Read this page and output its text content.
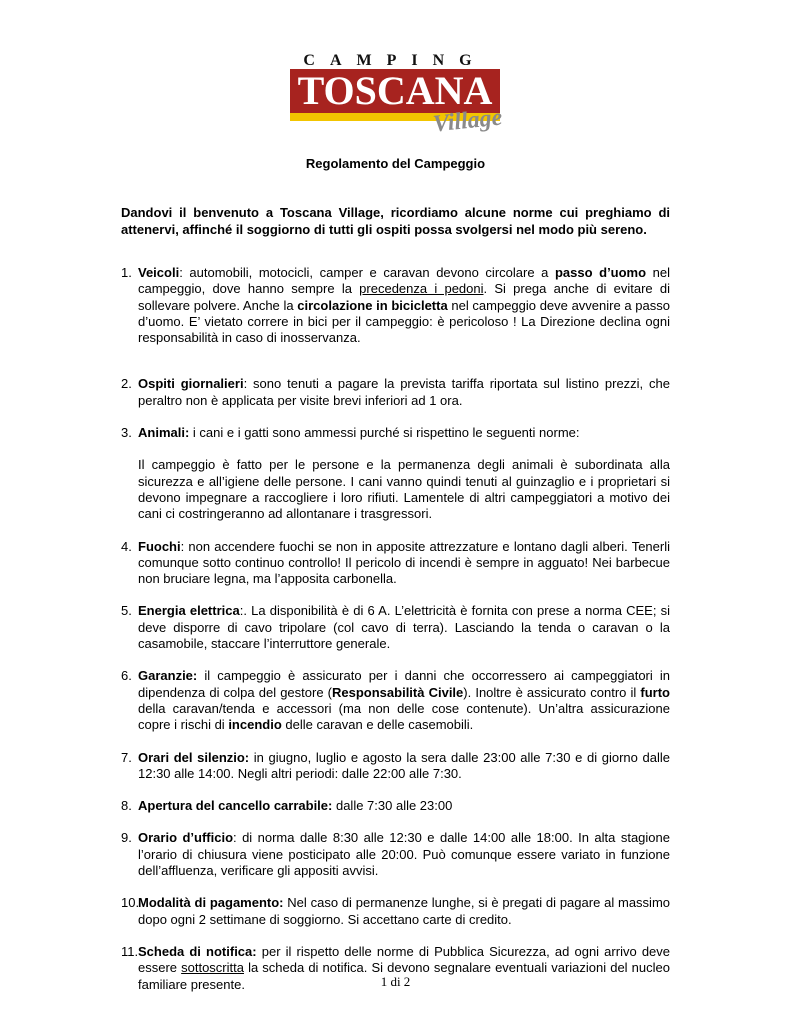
CAMPING
TOSCANA
Village
Regolamento del Campeggio
Dandovi il benvenuto a Toscana Village, ricordiamo alcune norme cui preghiamo di attenervi, affinché il soggiorno di tutti gli ospiti possa svolgersi nel modo più sereno.
1. Veicoli: automobili, motocicli, camper e caravan devono circolare a passo d’uomo nel campeggio, dove hanno sempre la precedenza i pedoni. Si prega anche di evitare di sollevare polvere. Anche la circolazione in bicicletta nel campeggio deve avvenire a passo d’uomo. E’ vietato correre in bici per il campeggio: è pericoloso ! La Direzione declina ogni responsabilità in caso di inosservanza.

2. Ospiti giornalieri: sono tenuti a pagare la prevista tariffa riportata sul listino prezzi, che peraltro non è applicata per visite brevi inferiori ad 1 ora.

3. Animali: i cani e i gatti sono ammessi purché si rispettino le seguenti norme:

Il campeggio è fatto per le persone e la permanenza degli animali è subordinata alla sicurezza e all’igiene delle persone. I cani vanno quindi tenuti al guinzaglio e i proprietari si devono impegnare a raccogliere i loro rifiuti. Lamentele di altri campeggiatori a motivo dei cani ci costringeranno ad allontanare i trasgressori.

4. Fuochi: non accendere fuochi se non in apposite attrezzature e lontano dagli alberi. Tenerli comunque sotto continuo controllo! Il pericolo di incendi è sempre in agguato! Nei barbecue non bruciare legna, ma l’apposita carbonella.

5. Energia elettrica:. La disponibilità è di 6 A. L’elettricità è fornita con prese a norma CEE; si deve disporre di cavo tripolare (col cavo di terra). Lasciando la tenda o caravan o la casamobile, staccare l’interruttore generale.

6. Garanzie: il campeggio è assicurato per i danni che occorressero ai campeggiatori in dipendenza di colpa del gestore (Responsabilità Civile). Inoltre è assicurato contro il furto della caravan/tenda e accessori (ma non delle cose contenute). Un’altra assicurazione copre i rischi di incendio delle caravan e delle casemobili.

7. Orari del silenzio: in giugno, luglio e agosto la sera dalle 23:00 alle 7:30 e di giorno dalle 12:30 alle 14:00. Negli altri periodi: dalle 22:00 alle 7:30.

8. Apertura del cancello carrabile: dalle 7:30 alle 23:00

9. Orario d’ufficio: di norma dalle 8:30 alle 12:30 e dalle 14:00 alle 18:00. In alta stagione l’orario di chiusura viene posticipato alle 20:00. Può comunque essere variato in funzione dell’affluenza, verificare gli appositi avvisi.

10.

Modalità di pagamento: Nel caso di permanenze lunghe, si è pregati di pagare al massimo dopo ogni 2 settimane di soggiorno. Si accettano carte di credito.

11. Scheda di notifica: per il rispetto delle norme di Pubblica Sicurezza, ad ogni arrivo deve essere sottoscritta la scheda di notifica. Si devono segnalare eventuali variazioni del nucleo familiare presente.	1 di 2
